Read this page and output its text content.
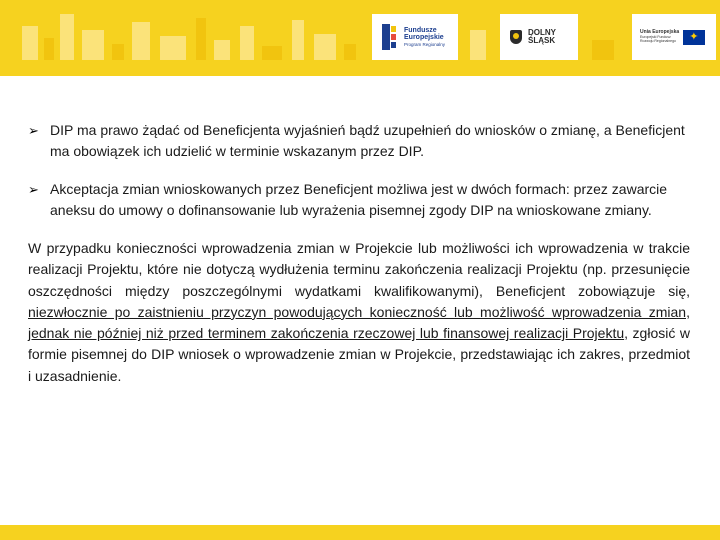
Fundusze
Europejskie
Program Regionalny
DOLNY
ŚLĄSK
Unia Europejska
Europejski Fundusz
Rozwoju Regionalnego
✦
➢ DIP ma prawo żądać od Beneficjenta wyjaśnień bądź uzupełnień do wniosków o zmianę, a Beneficjent ma obowiązek ich udzielić w terminie wskazanym przez DIP.
➢ Akceptacja zmian wnioskowanych przez Beneficjent możliwa jest w dwóch formach: przez zawarcie aneksu do umowy o dofinansowanie lub wyrażenia pisemnej zgody DIP na wnioskowane zmiany.
W przypadku konieczności wprowadzenia zmian w Projekcie lub możliwości ich wprowadzenia w trakcie realizacji Projektu, które nie dotyczą wydłużenia terminu zakończenia realizacji Projektu (np. przesunięcie oszczędności między poszczególnymi wydatkami kwalifikowanymi), Beneficjent zobowiązuje się, niezwłocznie po zaistnieniu przyczyn powodujących konieczność lub możliwość wprowadzenia zmian, jednak nie później niż przed terminem zakończenia rzeczowej lub finansowej realizacji Projektu, zgłosić w formie pisemnej do DIP wniosek o wprowadzenie zmian w Projekcie, przedstawiając ich zakres, przedmiot i uzasadnienie.
